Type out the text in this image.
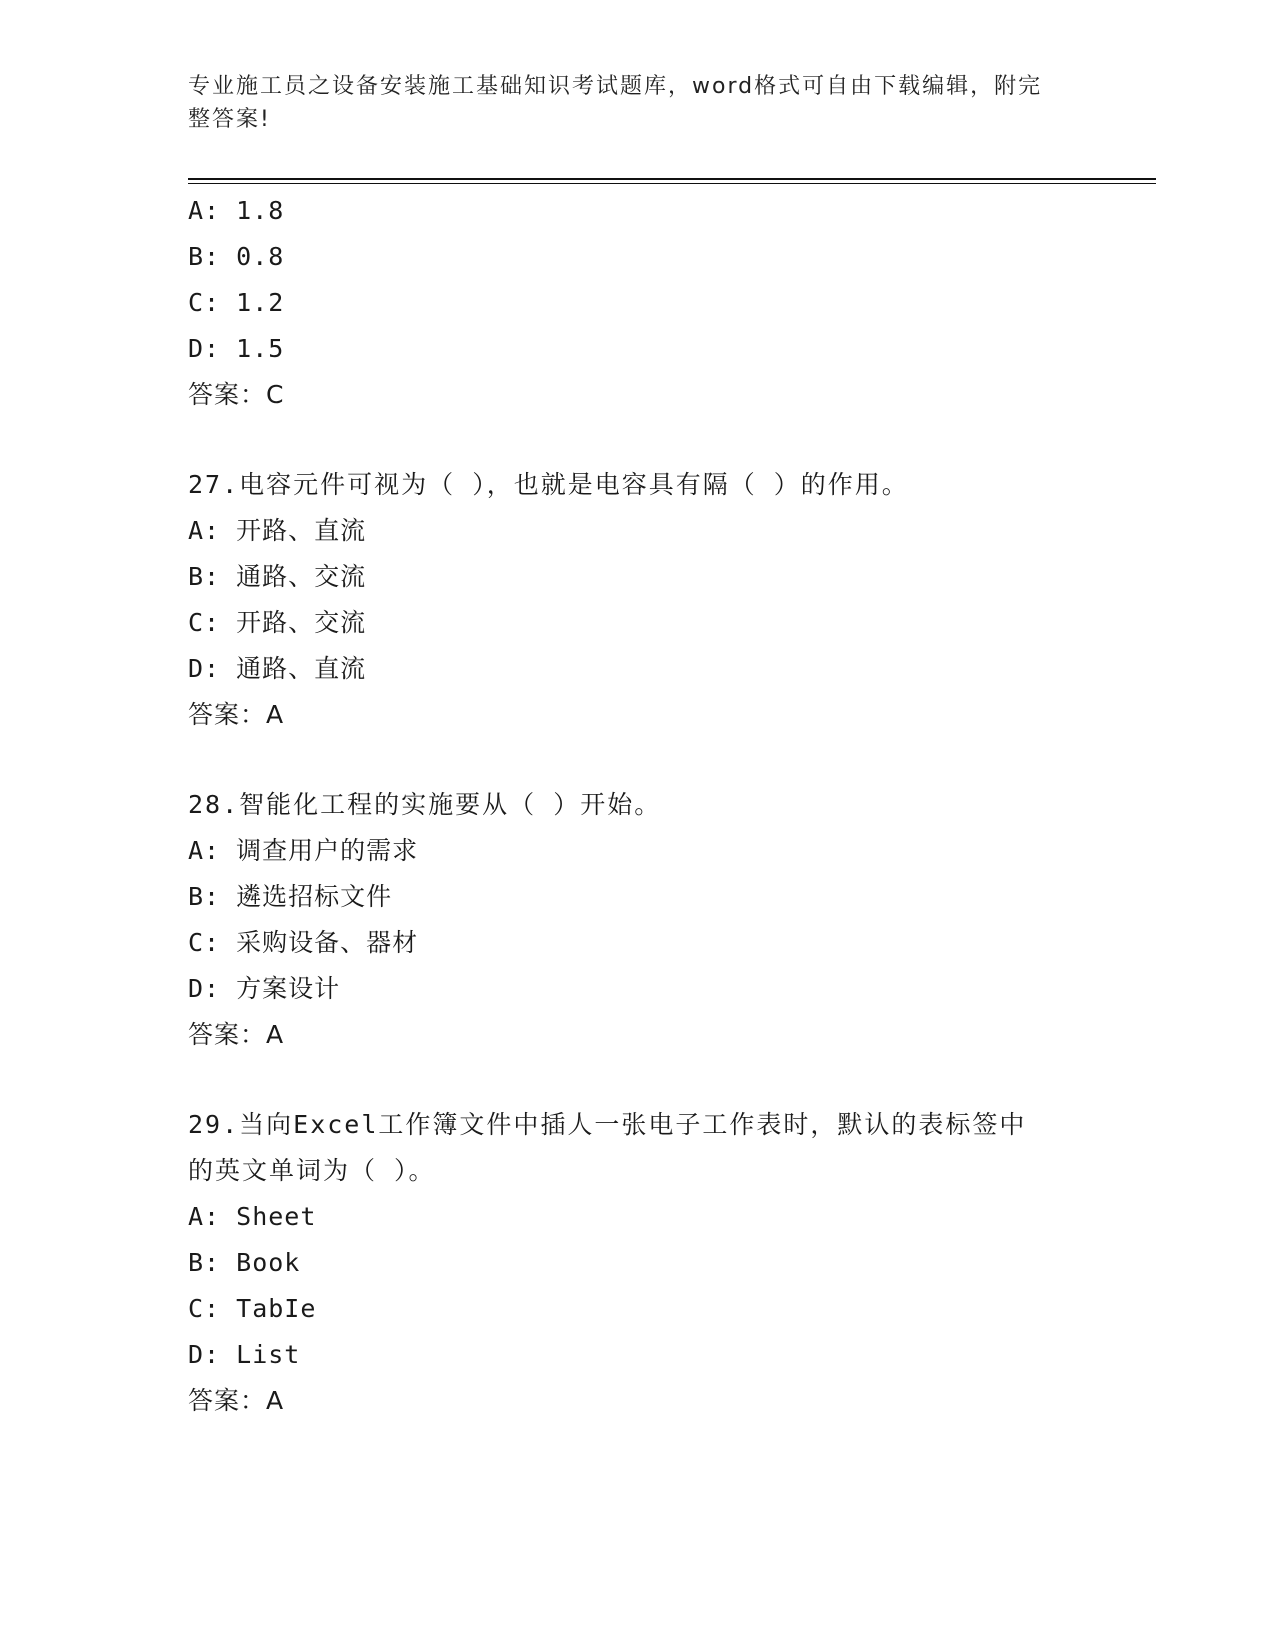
专业施工员之设备安装施工基础知识考试题库，word格式可自由下载编辑，附完
整答案!
A: 1.8
B: 0.8
C: 1.2
D: 1.5
答案：C
27.电容元件可视为（ ），也就是电容具有隔（ ）的作用。
A: 开路、直流
B: 通路、交流
C: 开路、交流
D: 通路、直流
答案：A
28.智能化工程的实施要从（ ）开始。
A: 调查用户的需求
B: 遴选招标文件
C: 采购设备、器材
D: 方案设计
答案：A
29.当向Excel工作簿文件中插人一张电子工作表时，默认的表标签中
的英文单词为（ ）。
A: Sheet
B: Book
C: TabIe
D: List
答案：A
